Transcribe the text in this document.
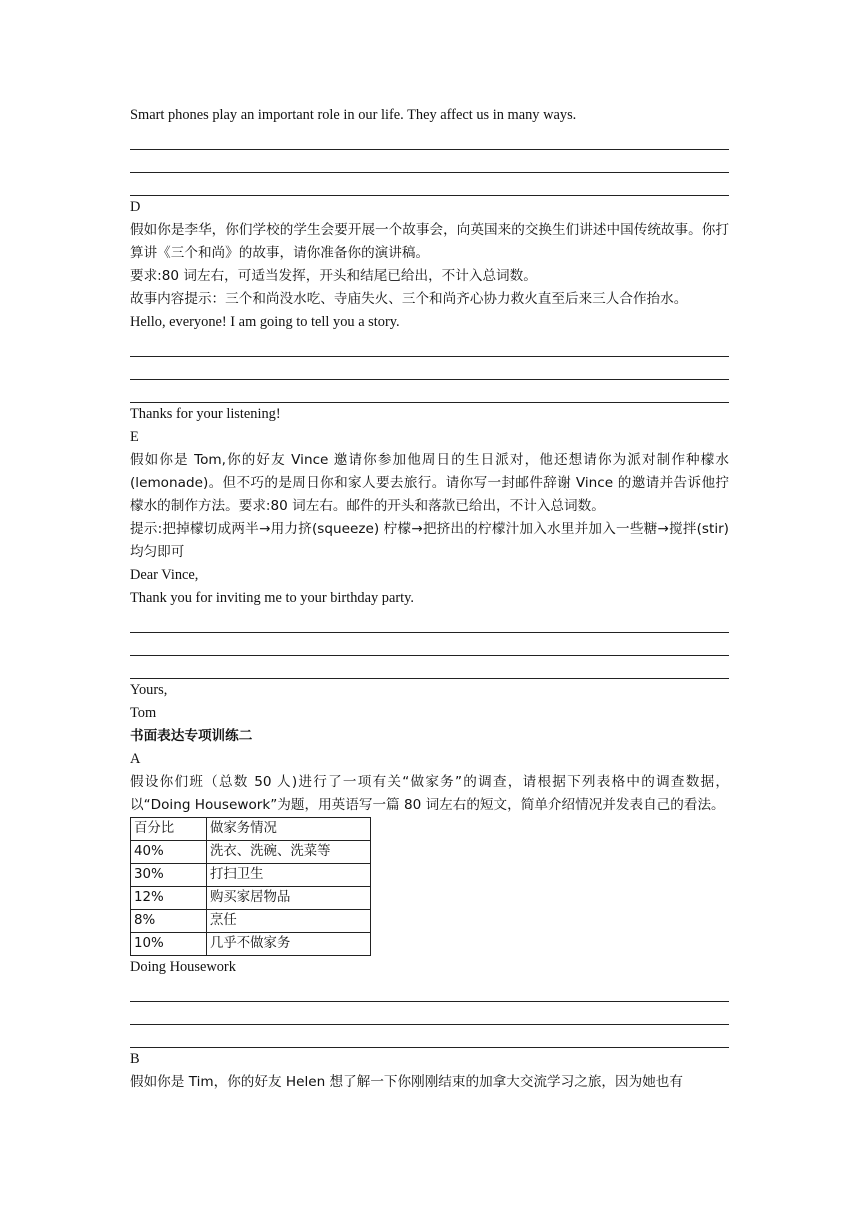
Smart phones play an important role in our life. They affect us in many ways.

D

假如你是李华，你们学校的学生会要开展一个故事会，向英国来的交换生们讲述中国传统故事。你打算讲《三个和尚》的故事，请你准备你的演讲稿。

要求:80 词左右，可适当发挥，开头和结尾已给出，不计入总词数。

故事内容提示：三个和尚没水吃、寺庙失火、三个和尚齐心协力救火直至后来三人合作抬水。

Hello, everyone! I am going to tell you a story.

Thanks for your listening!

E

假如你是 Tom,你的好友 Vince 邀请你参加他周日的生日派对，他还想请你为派对制作种檬水(lemonade)。但不巧的是周日你和家人要去旅行。请你写一封邮件辞谢 Vince 的邀请并告诉他拧檬水的制作方法。要求:80 词左右。邮件的开头和落款已给出，不计入总词数。

提示:把掉檬切成两半→用力挤(squeeze) 柠檬→把挤出的柠檬汁加入水里并加入一些糖→搅拌(stir)均匀即可

Dear Vince,

Thank you for inviting me to your birthday party.

Yours,

Tom

书面表达专项训练二

A

假设你们班（总数 50 人)进行了一项有关“做家务”的调查，请根据下列表格中的调查数据，以“Doing Housework”为题，用英语写一篇 80 词左右的短文，简单介绍情况并发表自己的看法。

百分比	做家务情况
40%	洗衣、洗碗、洗菜等
30%	打扫卫生
12%	购买家居物品
8%	烹任
10%	几乎不做家务

Doing Housework

B

假如你是 Tim，你的好友 Helen 想了解一下你刚刚结束的加拿大交流学习之旅，因为她也有
